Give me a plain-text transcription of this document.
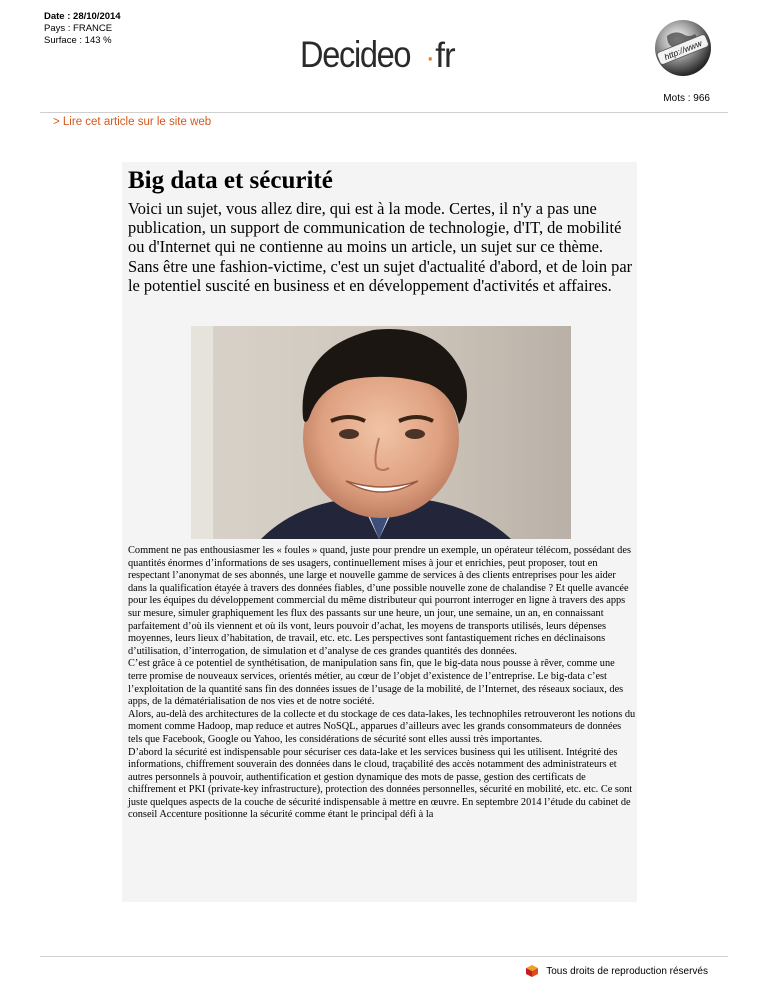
Date : 28/10/2014
Pays : FRANCE
Surface : 143 %	Decideo ·fr	http://www
Mots : 966
> Lire cet article sur le site web
Big data et sécurité
Voici un sujet, vous allez dire, qui est à la mode. Certes, il n'y a pas une publication, un support de communication de technologie, d'IT, de mobilité ou d'Internet qui ne contienne au moins un article, un sujet sur ce thème. Sans être une fashion-victime, c'est un sujet d'actualité d'abord, et de loin par le potentiel suscité en business et en développement d'activités et affaires.

Comment ne pas enthousiasmer les « foules » quand, juste pour prendre un exemple, un opérateur télécom, possédant des quantités énormes d’informations de ses usagers, continuellement mises à jour et enrichies, peut proposer, tout en respectant l’anonymat de ses abonnés, une large et nouvelle gamme de services à des clients entreprises pour les aider dans la qualification étayée à travers des données fiables, d’une possible nouvelle zone de chalandise ? Et quelle avancée pour les équipes du développement commercial du même distributeur qui pourront interroger en ligne à travers des apps sur mesure, simuler graphiquement les flux des passants sur une heure, un jour, une semaine, un an, en connaissant parfaitement d’où ils viennent et où ils vont, leurs pouvoir d’achat, les moyens de transports utilisés, leurs dépenses moyennes, leurs lieux d’habitation, de travail, etc. etc. Les perspectives sont fantastiquement riches en déclinaisons d’utilisation, d’interrogation, de simulation et d’analyse de ces grandes quantités des données.

C’est grâce à ce potentiel de synthétisation, de manipulation sans fin, que le big-data nous pousse à rêver, comme une terre promise de nouveaux services, orientés métier, au cœur de l’objet d’existence de l’entreprise. Le big-data c’est l’exploitation de la quantité sans fin des données issues de l’usage de la mobilité, de l’Internet, des réseaux sociaux, des apps, de la dématérialisation de nos vies et de notre société.

Alors, au-delà des architectures de la collecte et du stockage de ces data-lakes, les technophiles retrouveront les notions du moment comme Hadoop, map reduce et autres NoSQL, apparues d’ailleurs avec les grands consommateurs de données tels que Facebook, Google ou Yahoo, les considérations de sécurité sont elles aussi très importantes.

D’abord la sécurité est indispensable pour sécuriser ces data-lake et les services business qui les utilisent. Intégrité des informations, chiffrement souverain des données dans le cloud, traçabilité des accès notamment des administrateurs et autres personnels à pouvoir, authentification et gestion dynamique des mots de passe, gestion des certificats de chiffrement et PKI (private-key infrastructure), protection des données personnelles, sécurité en mobilité, etc. etc. Ce sont juste quelques aspects de la couche de sécurité indispensable à mettre en œuvre. En septembre 2014 l’étude du cabinet de conseil Accenture positionne la sécurité comme étant le principal défi à la

Tous droits de reproduction réservés
